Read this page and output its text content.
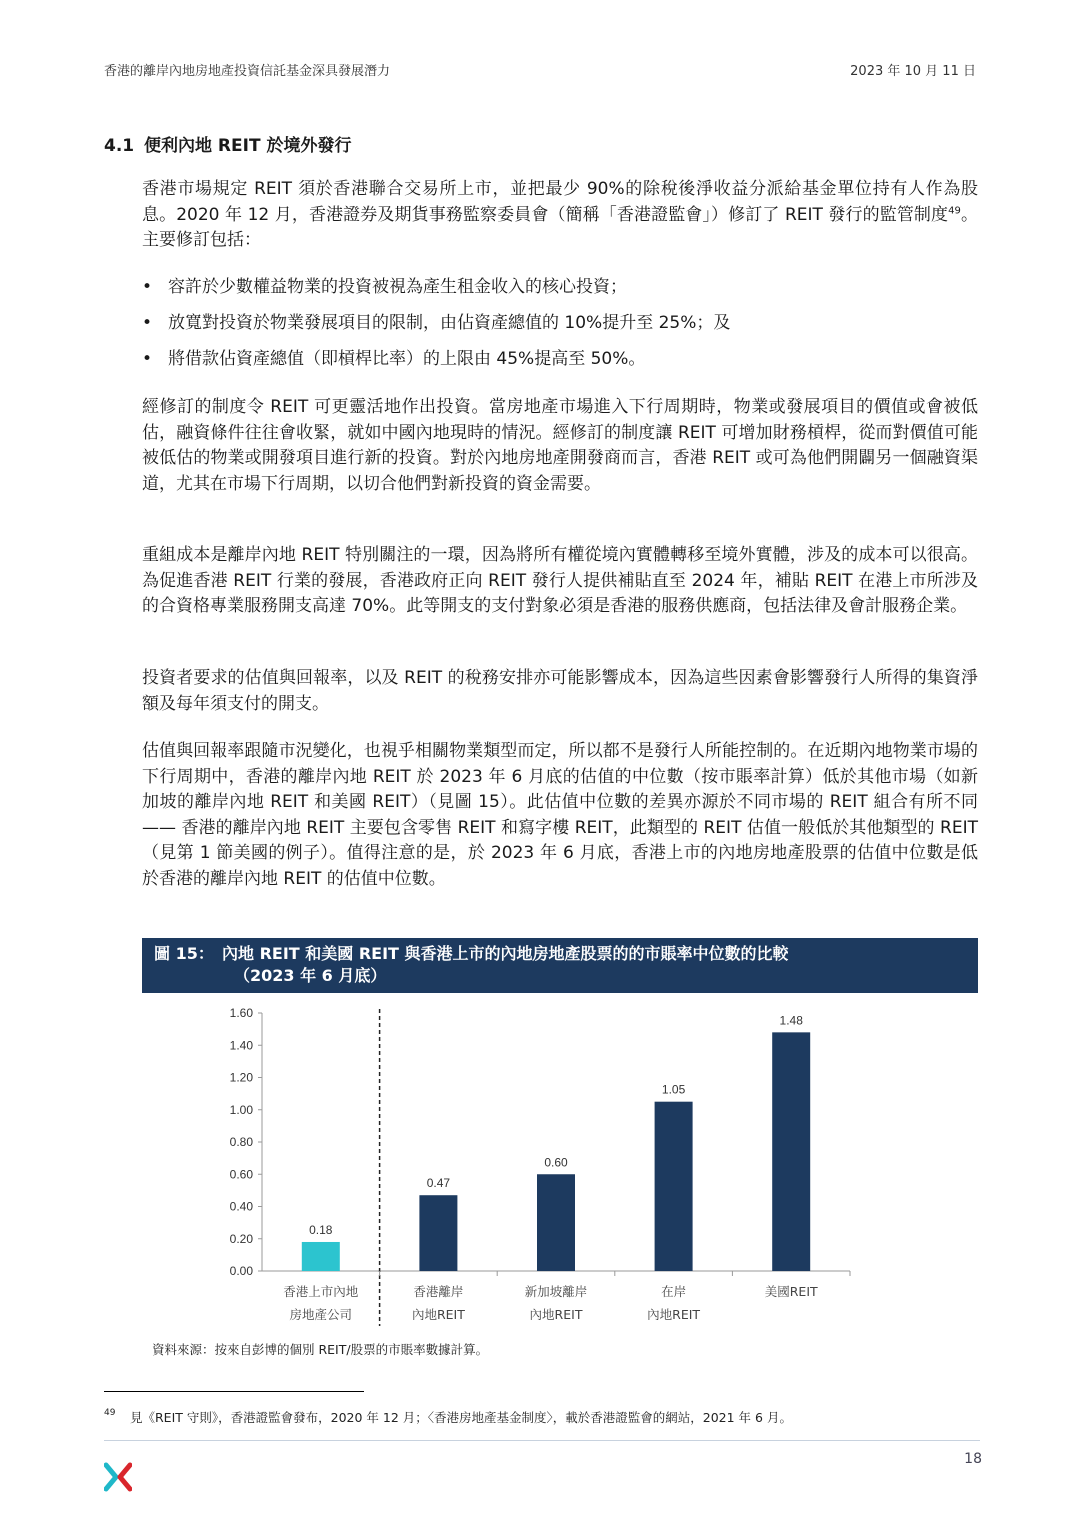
香港的離岸內地房地產投資信託基金深具發展潛力	2023 年 10 月 11 日
4.1 便利內地 REIT 於境外發行

香港市場規定 REIT 須於香港聯合交易所上市，並把最少 90%的除稅後淨收益分派給基金單位持有人作為股息。2020 年 12 月，香港證券及期貨事務監察委員會（簡稱「香港證監會」）修訂了 REIT 發行的監管制度$^{49}$。主要修訂包括：

• 容許於少數權益物業的投資被視為產生租金收入的核心投資；
• 放寬對投資於物業發展項目的限制，由佔資產總值的 10%提升至 25%；及
• 將借款佔資產總值（即槓桿比率）的上限由 45%提高至 50%。

經修訂的制度令 REIT 可更靈活地作出投資。當房地產市場進入下行周期時，物業或發展項目的價值或會被低估，融資條件往往會收緊，就如中國內地現時的情況。經修訂的制度讓 REIT 可增加財務槓桿，從而對價值可能被低估的物業或開發項目進行新的投資。對於內地房地產開發商而言，香港 REIT 或可為他們開闢另一個融資渠道，尤其在市場下行周期，以切合他們對新投資的資金需要。

重組成本是離岸內地 REIT 特別關注的一環，因為將所有權從境內實體轉移至境外實體，涉及的成本可以很高。為促進香港 REIT 行業的發展，香港政府正向 REIT 發行人提供補貼直至 2024 年，補貼 REIT 在港上市所涉及的合資格專業服務開支高達 70%。此等開支的支付對象必須是香港的服務供應商，包括法律及會計服務企業。

投資者要求的估值與回報率，以及 REIT 的稅務安排亦可能影響成本，因為這些因素會影響發行人所得的集資淨額及每年須支付的開支。

估值與回報率跟隨市況變化，也視乎相關物業類型而定，所以都不是發行人所能控制的。在近期內地物業市場的下行周期中，香港的離岸內地 REIT 於 2023 年 6 月底的估值的中位數（按市賬率計算）低於其他市場（如新加坡的離岸內地 REIT 和美國 REIT）（見圖 15）。此估值中位數的差異亦源於不同市場的 REIT 組合有所不同 —— 香港的離岸內地 REIT 主要包含零售 REIT 和寫字樓 REIT，此類型的 REIT 估值一般低於其他類型的 REIT（見第 1 節美國的例子）。值得注意的是，於 2023 年 6 月底，香港上市的內地房地產股票的估值中位數是低於香港的離岸內地 REIT 的估值中位數。

圖 15： 內地 REIT 和美國 REIT 與香港上市的內地房地產股票的的市賬率中位數的比較
（2023 年 6 月底）
0.00
0.20
0.40
0.60
0.80
1.00
1.20
1.40
1.60
0.18
香港上市內地
房地產公司
0.47
香港離岸
內地REIT
0.60
新加坡離岸
內地REIT
1.05
在岸
內地REIT
1.48
美國REIT
資料來源：按來自彭博的個別 REIT/股票的市賬率數據計算。
49 見《REIT 守則》，香港證監會發布，2020 年 12 月；〈香港房地產基金制度〉，載於香港證監會的網站，2021 年 6 月。
18
